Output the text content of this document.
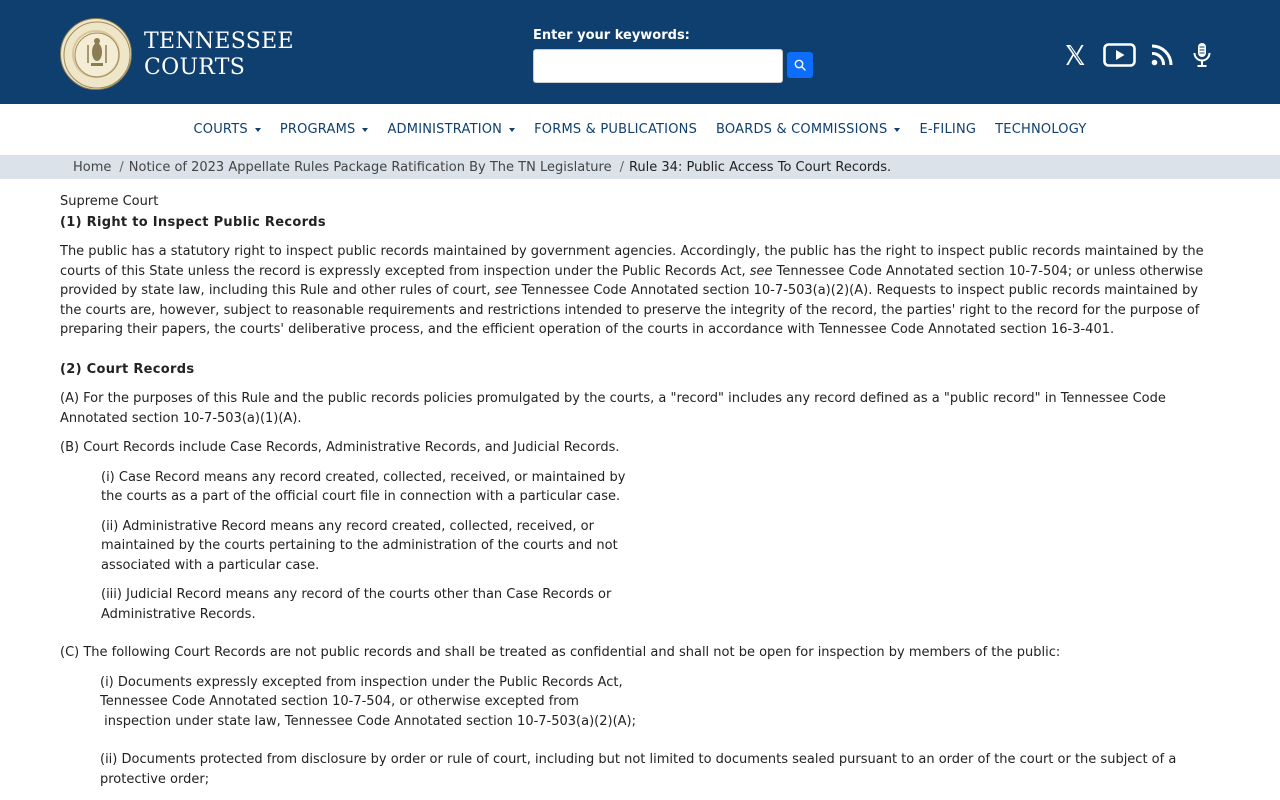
TENNESSEE
COURTS
Enter your keywords:
COURTS PROGRAMS ADMINISTRATION FORMS & PUBLICATIONS BOARDS & COMMISSIONS E-FILING TECHNOLOGY
Home / Notice of 2023 Appellate Rules Package Ratification By The TN Legislature / Rule 34: Public Access To Court Records.
Supreme Court
(1) Right to Inspect Public Records

The public has a statutory right to inspect public records maintained by government agencies. Accordingly, the public has the right to inspect public records maintained by the courts of this State unless the record is expressly excepted from inspection under the Public Records Act, see Tennessee Code Annotated section 10-7-504; or unless otherwise provided by state law, including this Rule and other rules of court, see Tennessee Code Annotated section 10-7-503(a)(2)(A). Requests to inspect public records maintained by the courts are, however, subject to reasonable requirements and restrictions intended to preserve the integrity of the record, the parties' right to the record for the purpose of preparing their papers, the courts' deliberative process, and the efficient operation of the courts in accordance with Tennessee Code Annotated section 16-3-401.

(2) Court Records

(A) For the purposes of this Rule and the public records policies promulgated by the courts, a "record" includes any record defined as a "public record" in Tennessee Code Annotated section 10-7-503(a)(1)(A).

(B) Court Records include Case Records, Administrative Records, and Judicial Records.

(i) Case Record means any record created, collected, received, or maintained by the courts as a part of the official court file in connection with a particular case.

(ii) Administrative Record means any record created, collected, received, or maintained by the courts pertaining to the administration of the courts and not associated with a particular case.

(iii) Judicial Record means any record of the courts other than Case Records or Administrative Records.

(C) The following Court Records are not public records and shall be treated as confidential and shall not be open for inspection by members of the public:

(i) Documents expressly excepted from inspection under the Public Records Act,
Tennessee Code Annotated section 10-7-504, or otherwise excepted from
inspection under state law, Tennessee Code Annotated section 10-7-503(a)(2)(A);

(ii) Documents protected from disclosure by order or rule of court, including but not limited to documents sealed pursuant to an order of the court or the subject of a protective order;
